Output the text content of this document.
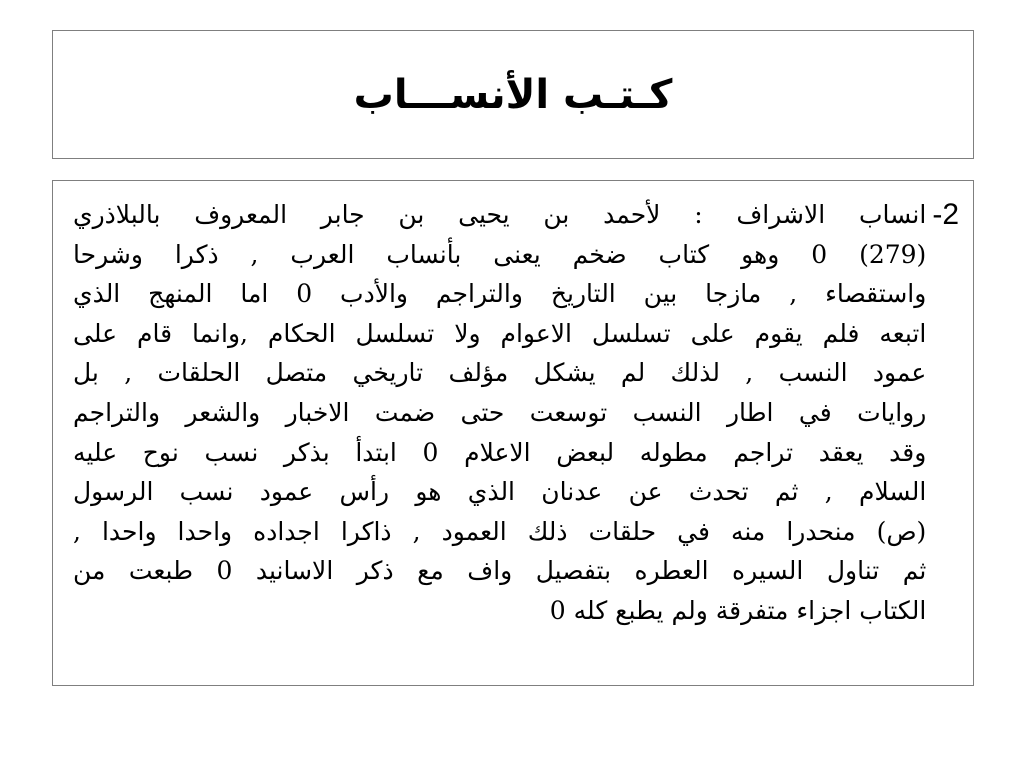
كـتـب الأنســـاب
2-
انساب الاشراف : لأحمد بن يحيى بن جابر المعروف بالبلاذري
(279) 0 وهو كتاب ضخم يعنى بأنساب العرب , ذكرا وشرحا
واستقصاء , مازجا بين التاريخ والتراجم والأدب 0 اما المنهج الذي
اتبعه فلم يقوم على تسلسل الاعوام ولا تسلسل الحكام ,وانما قام على
عمود النسب , لذلك لم يشكل مؤلف تاريخي متصل الحلقات , بل
روايات في اطار النسب توسعت حتى ضمت الاخبار والشعر والتراجم
وقد يعقد تراجم مطوله لبعض الاعلام 0 ابتدأ بذكر نسب نوح عليه
السلام , ثم تحدث عن عدنان الذي هو رأس عمود نسب الرسول
(ص) منحدرا منه في حلقات ذلك العمود , ذاكرا اجداده واحدا واحدا ,
ثم تناول السيره العطره بتفصيل واف مع ذكر الاسانيد 0 طبعت من
الكتاب اجزاء متفرقة ولم يطبع كله 0
